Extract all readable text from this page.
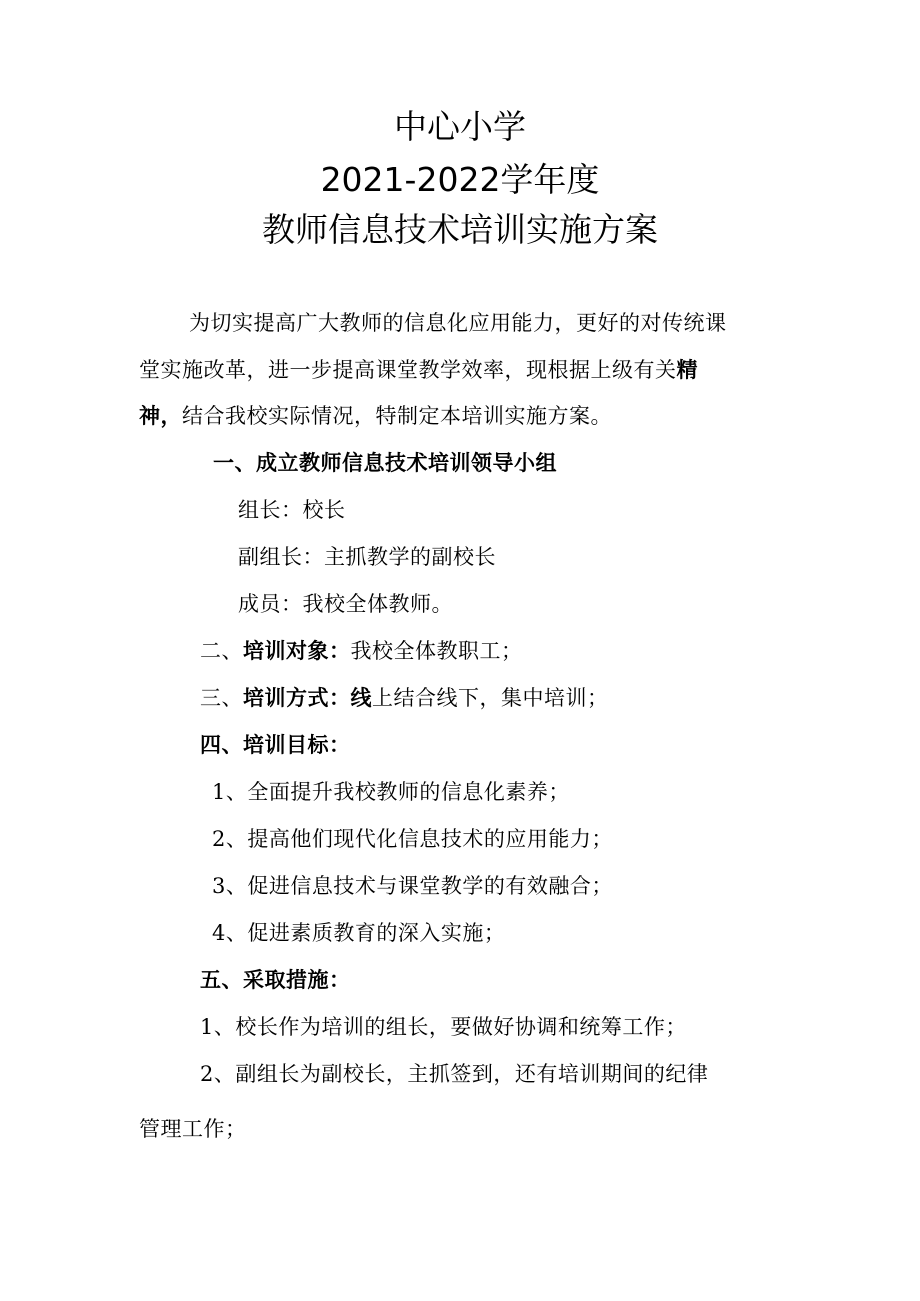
中心小学
2021-2022学年度
教师信息技术培训实施方案
为切实提高广大教师的信息化应用能力，更好的对传统课
堂实施改革，进一步提高课堂教学效率，现根据上级有关精
神，结合我校实际情况，特制定本培训实施方案。
一、成立教师信息技术培训领导小组
组长：校长
副组长：主抓教学的副校长
成员：我校全体教师。
二、培训对象：我校全体教职工；
三、培训方式：线上结合线下，集中培训；
四、培训目标：
1、全面提升我校教师的信息化素养；
2、提高他们现代化信息技术的应用能力；
3、促进信息技术与课堂教学的有效融合；
4、促进素质教育的深入实施；
五、采取措施：
1、校长作为培训的组长，要做好协调和统筹工作；
2、副组长为副校长，主抓签到，还有培训期间的纪律
管理工作；
